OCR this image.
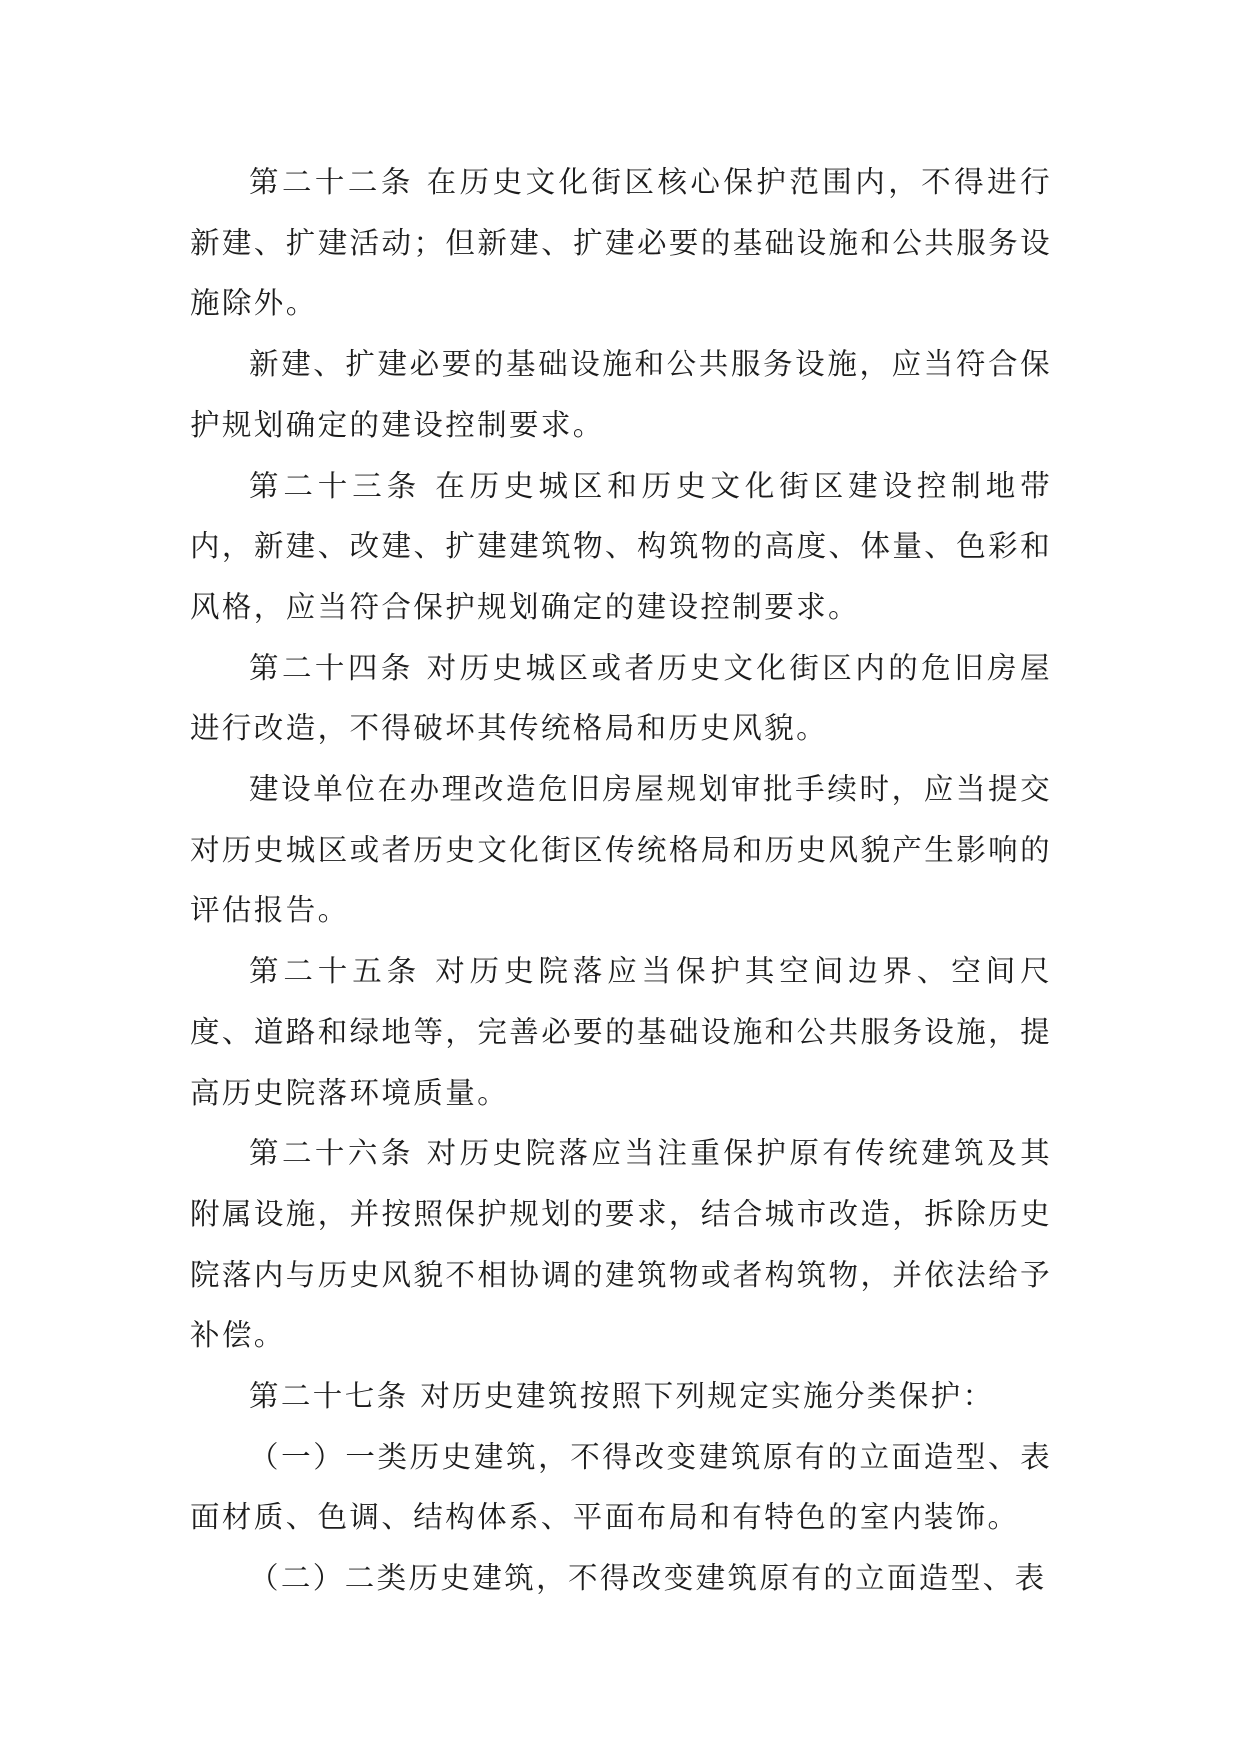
第二十二条 在历史文化街区核心保护范围内，不得进行新建、扩建活动；但新建、扩建必要的基础设施和公共服务设施除外。

新建、扩建必要的基础设施和公共服务设施，应当符合保护规划确定的建设控制要求。

第二十三条 在历史城区和历史文化街区建设控制地带内，新建、改建、扩建建筑物、构筑物的高度、体量、色彩和风格，应当符合保护规划确定的建设控制要求。

第二十四条 对历史城区或者历史文化街区内的危旧房屋进行改造，不得破坏其传统格局和历史风貌。

建设单位在办理改造危旧房屋规划审批手续时，应当提交对历史城区或者历史文化街区传统格局和历史风貌产生影响的评估报告。

第二十五条 对历史院落应当保护其空间边界、空间尺度、道路和绿地等，完善必要的基础设施和公共服务设施，提高历史院落环境质量。

第二十六条 对历史院落应当注重保护原有传统建筑及其附属设施，并按照保护规划的要求，结合城市改造，拆除历史院落内与历史风貌不相协调的建筑物或者构筑物，并依法给予补偿。

第二十七条 对历史建筑按照下列规定实施分类保护：

（一）一类历史建筑，不得改变建筑原有的立面造型、表面材质、色调、结构体系、平面布局和有特色的室内装饰。

（二）二类历史建筑，不得改变建筑原有的立面造型、表
